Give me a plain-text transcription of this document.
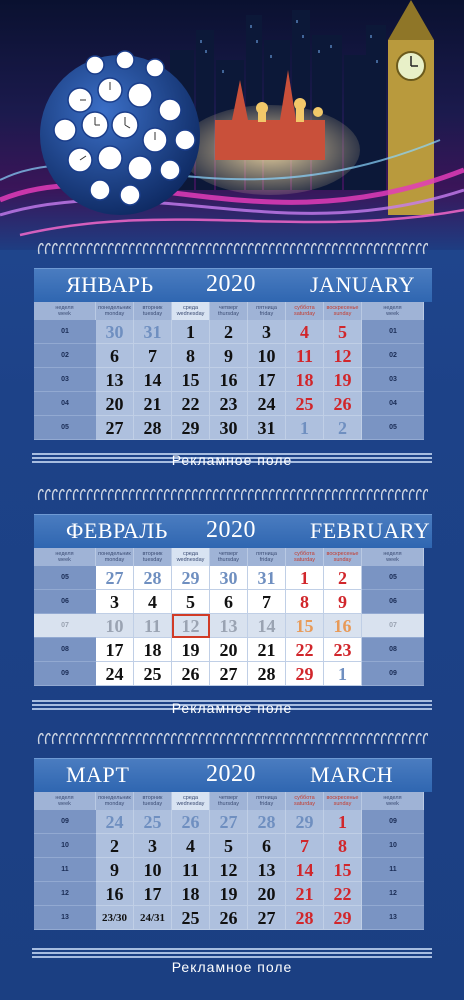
ЯНВАРЬ 2020 JANUARY
неделя
week
понедельник
monday
вторник
tuesday
среда
wednesday
четверг
thursday
пятница
friday
суббота
saturday
воскресенье
sunday
неделя
week
01	30	31	1	2	3	4	5	01
02	6	7	8	9	10	11	12	02
03	13	14	15	16	17	18	19	03
04	20	21	22	23	24	25	26	04
05	27	28	29	30	31	1	2	05
ФЕВРАЛЬ 2020 FEBRUARY
неделя
week
понедельник
monday
вторник
tuesday
среда
wednesday
четверг
thursday
пятница
friday
суббота
saturday
воскресенье
sunday
неделя
week
05	27	28	29	30	31	1	2	05
06	3	4	5	6	7	8	9	06
07	10	11	12	13	14	15	16	07
08	17	18	19	20	21	22	23	08
09	24	25	26	27	28	29	1	09
МАРТ	2020 MARCH
неделя
week
понедельник
monday
вторник
tuesday
среда
wednesday
четверг
thursday
пятница
friday
суббота
saturday
воскресенье
sunday
неделя
week
09	24	25	26	27	28	29	1	09
10	2	3	4	5	6	7	8	10
11	9	10	11	12	13	14	15	11
12	16	17	18	19	20	21	22	12
13	23/30	24/31 25	26	27	28	29	13
Рекламное поле
Рекламное поле
Рекламное поле
